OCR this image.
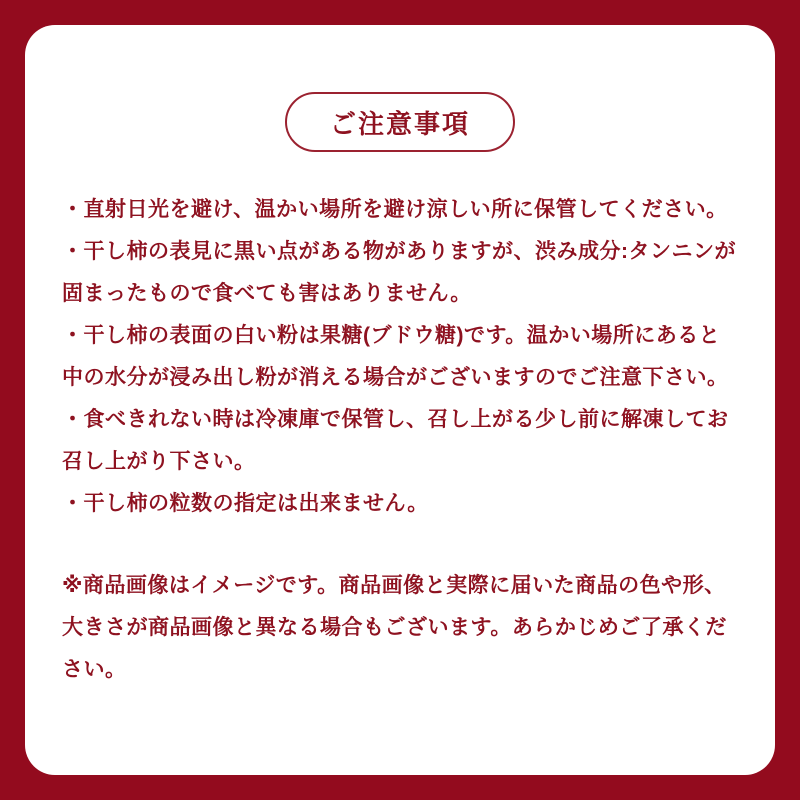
ご注意事項

・直射日光を避け、温かい場所を避け涼しい所に保管してください。

・干し柿の表見に黒い点がある物がありますが、渋み成分:タンニンが固まったもので食べても害はありません。

・干し柿の表面の白い粉は果糖(ブドウ糖)です。温かい場所にあると中の水分が浸み出し粉が消える場合がございますのでご注意下さい。

・食べきれない時は冷凍庫で保管し、召し上がる少し前に解凍してお召し上がり下さい。

・干し柿の粒数の指定は出来ません。

※商品画像はイメージです。商品画像と実際に届いた商品の色や形、大きさが商品画像と異なる場合もございます。あらかじめご了承ください。
